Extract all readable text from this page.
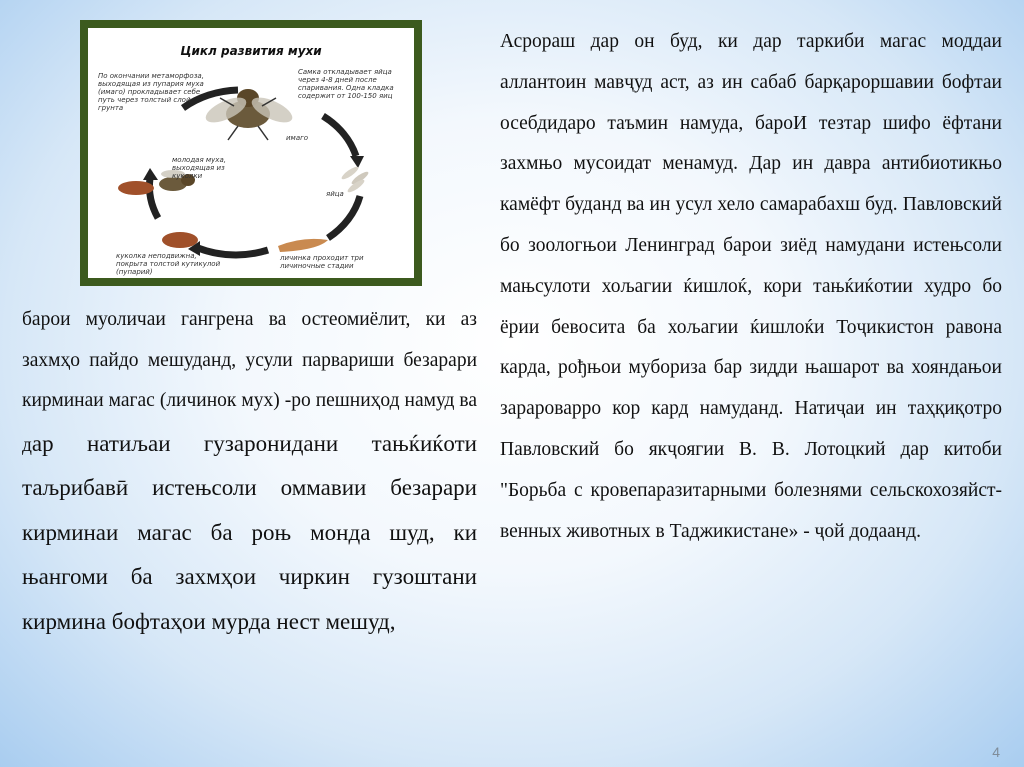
Цикл развития мухи
По окончании метаморфоза, выходящая из пупария муха (имаго) прокладывает себе путь через толстый слой грунта
Самка откладывает яйца через 4-8 дней после спаривания. Одна кладка содержит от 100-150 яиц
имаго
яйца
молодая муха, выходящая из куколки
личинка проходит три личиночные стадии
куколка неподвижна, покрыта толстой кутикулой (пупарий)
Асрораш дар он буд, ки дар таркиби магас моддаи аллантоин мавҷуд аст, аз ин сабаб барқароршавии бофтаи осебдидаро таъмин намуда, бароИ тезтар шифо ёфтани захмњо мусоидат менамуд. Дар ин давра антибиотикњо камёфт буданд ва ин усул хело самарабахш буд. Павловский бо зоологњои Ленинград барои зиёд намудани истењсоли мањсулоти хољагии ќишлоќ, кори тањќиќотии худро бо ёрии бевосита ба хољагии ќишлоќи Тоҷикистон равона карда, рођњои мубориза бар зидди њашарот ва хояндањои зарароварро кор кард намуданд. Натиҷаи ин таҳқиқотро Павловский бо якҷоягии В. В. Лотоцкий дар китоби "Борьба с кровепаразитарными болезнями сельскохозяйст-венных животных в Таджикистане» - ҷой додаанд.
барои муоличаи гангрена ва остеомиёлит, ки аз захмҳо пайдо мешуданд, усули парвариши безарари кирминаи магас (личинок мух) -ро пешниҳод намуд ва дар натиљаи гузаронидани тањќиќоти таљрибавӣ истењсоли оммавии безарари кирминаи магас ба роњ монда шуд, ки њангоми ба захмҳои чиркин гузоштани кирмина бофтаҳои мурда нест мешуд,
4
